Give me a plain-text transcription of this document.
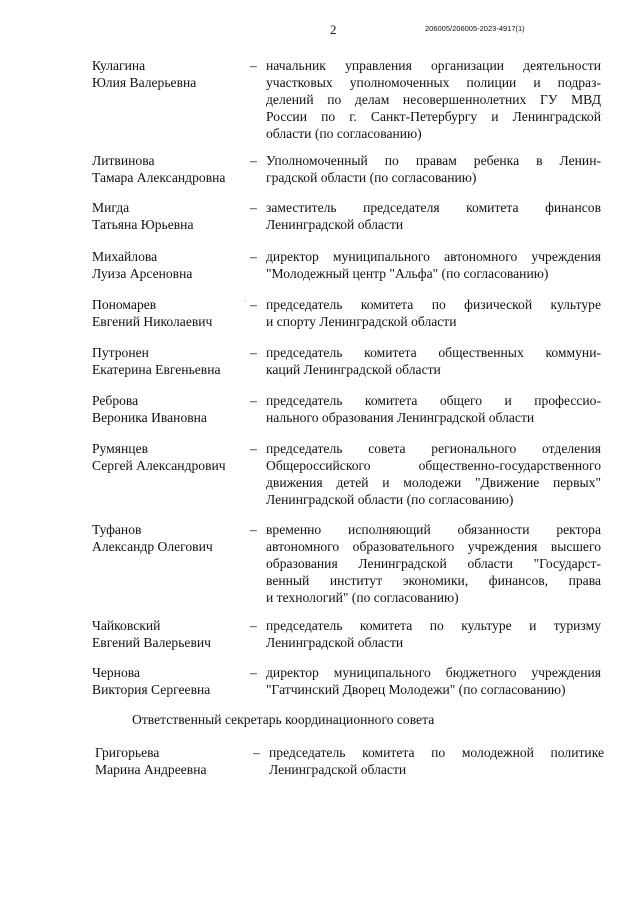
2	206005/206005-2023-4917(1)
Кулагина
Юлия Валерьевна
– начальник управления организации деятельности
участковых уполномоченных полиции и подраз-
делений по делам несовершеннолетних ГУ МВД
России по г. Санкт-Петербургу и Ленинградской
области (по согласованию)
Литвинова
Тамара Александровна
– Уполномоченный по правам ребенка в Ленин-
градской области (по согласованию)
Мигда
Татьяна Юрьевна
– заместитель председателя комитета финансов
Ленинградской области
Михайлова
Луиза Арсеновна
– директор муниципального автономного учреждения
"Молодежный центр "Альфа" (по согласованию)
Пономарев
Евгений Николаевич
– председатель комитета по физической культуре
и спорту Ленинградской области
Путронен
Екатерина Евгеньевна
– председатель комитета общественных коммуни-
каций Ленинградской области
Реброва
Вероника Ивановна
– председатель комитета общего и профессио-
нального образования Ленинградской области
Румянцев
Сергей Александрович
– председатель совета регионального отделения
Общероссийского общественно-государственного
движения детей и молодежи "Движение первых"
Ленинградской области (по согласованию)
Туфанов
Александр Олегович
– временно исполняющий обязанности ректора
автономного образовательного учреждения высшего
образования Ленинградской области "Государст-
венный институт экономики, финансов, права
и технологий" (по согласованию)
Чайковский
Евгений Валерьевич
– председатель комитета по культуре и туризму
Ленинградской области
Чернова
Виктория Сергеевна
– директор муниципального бюджетного учреждения
"Гатчинский Дворец Молодежи" (по согласованию)
Ответственный секретарь координационного совета
Григорьева
Марина Андреевна
– председатель комитета по молодежной политике
Ленинградской области
·
